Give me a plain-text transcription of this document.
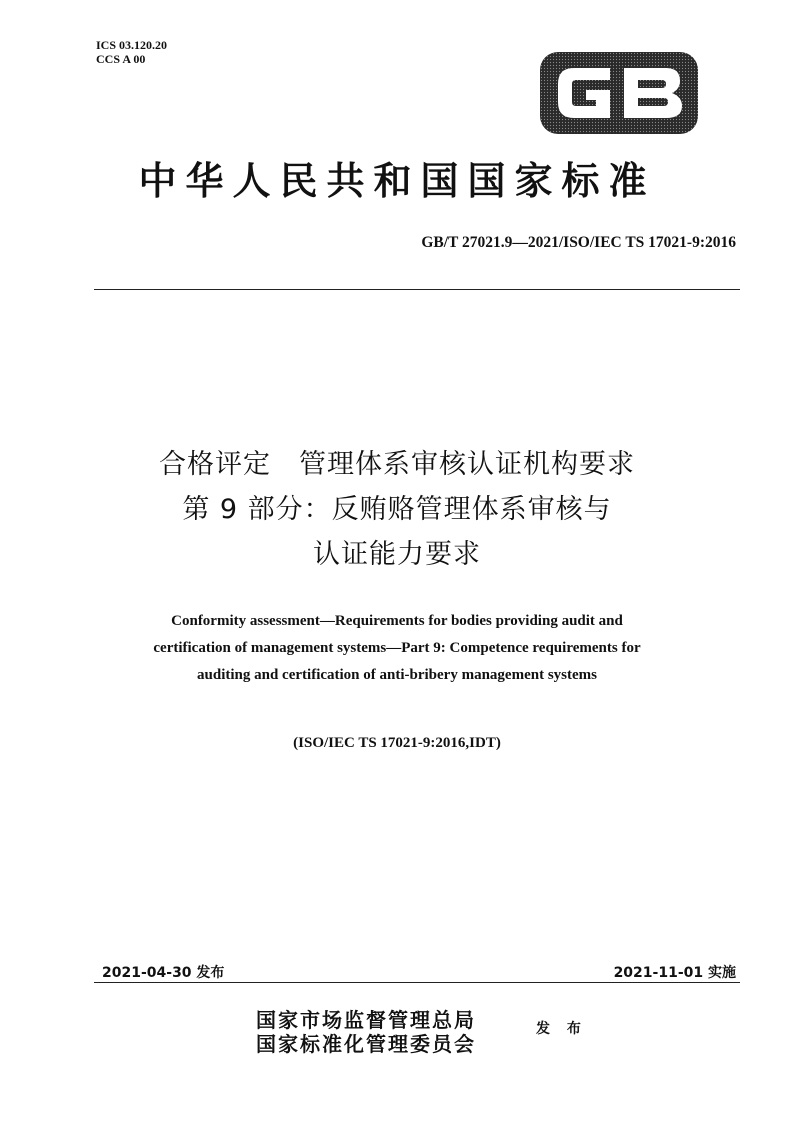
ICS 03.120.20
CCS A 00
中华人民共和国国家标准
GB/T 27021.9—2021/ISO/IEC TS 17021-9:2016
合格评定　管理体系审核认证机构要求
第 9 部分：反贿赂管理体系审核与
认证能力要求
Conformity assessment—Requirements for bodies providing audit and
certification of management systems—Part 9: Competence requirements for
auditing and certification of anti-bribery management systems
(ISO/IEC TS 17021-9:2016,IDT)
2021-04-30 发布	2021-11-01 实施
国家市场监督管理总局
国家标准化管理委员会
发 布
